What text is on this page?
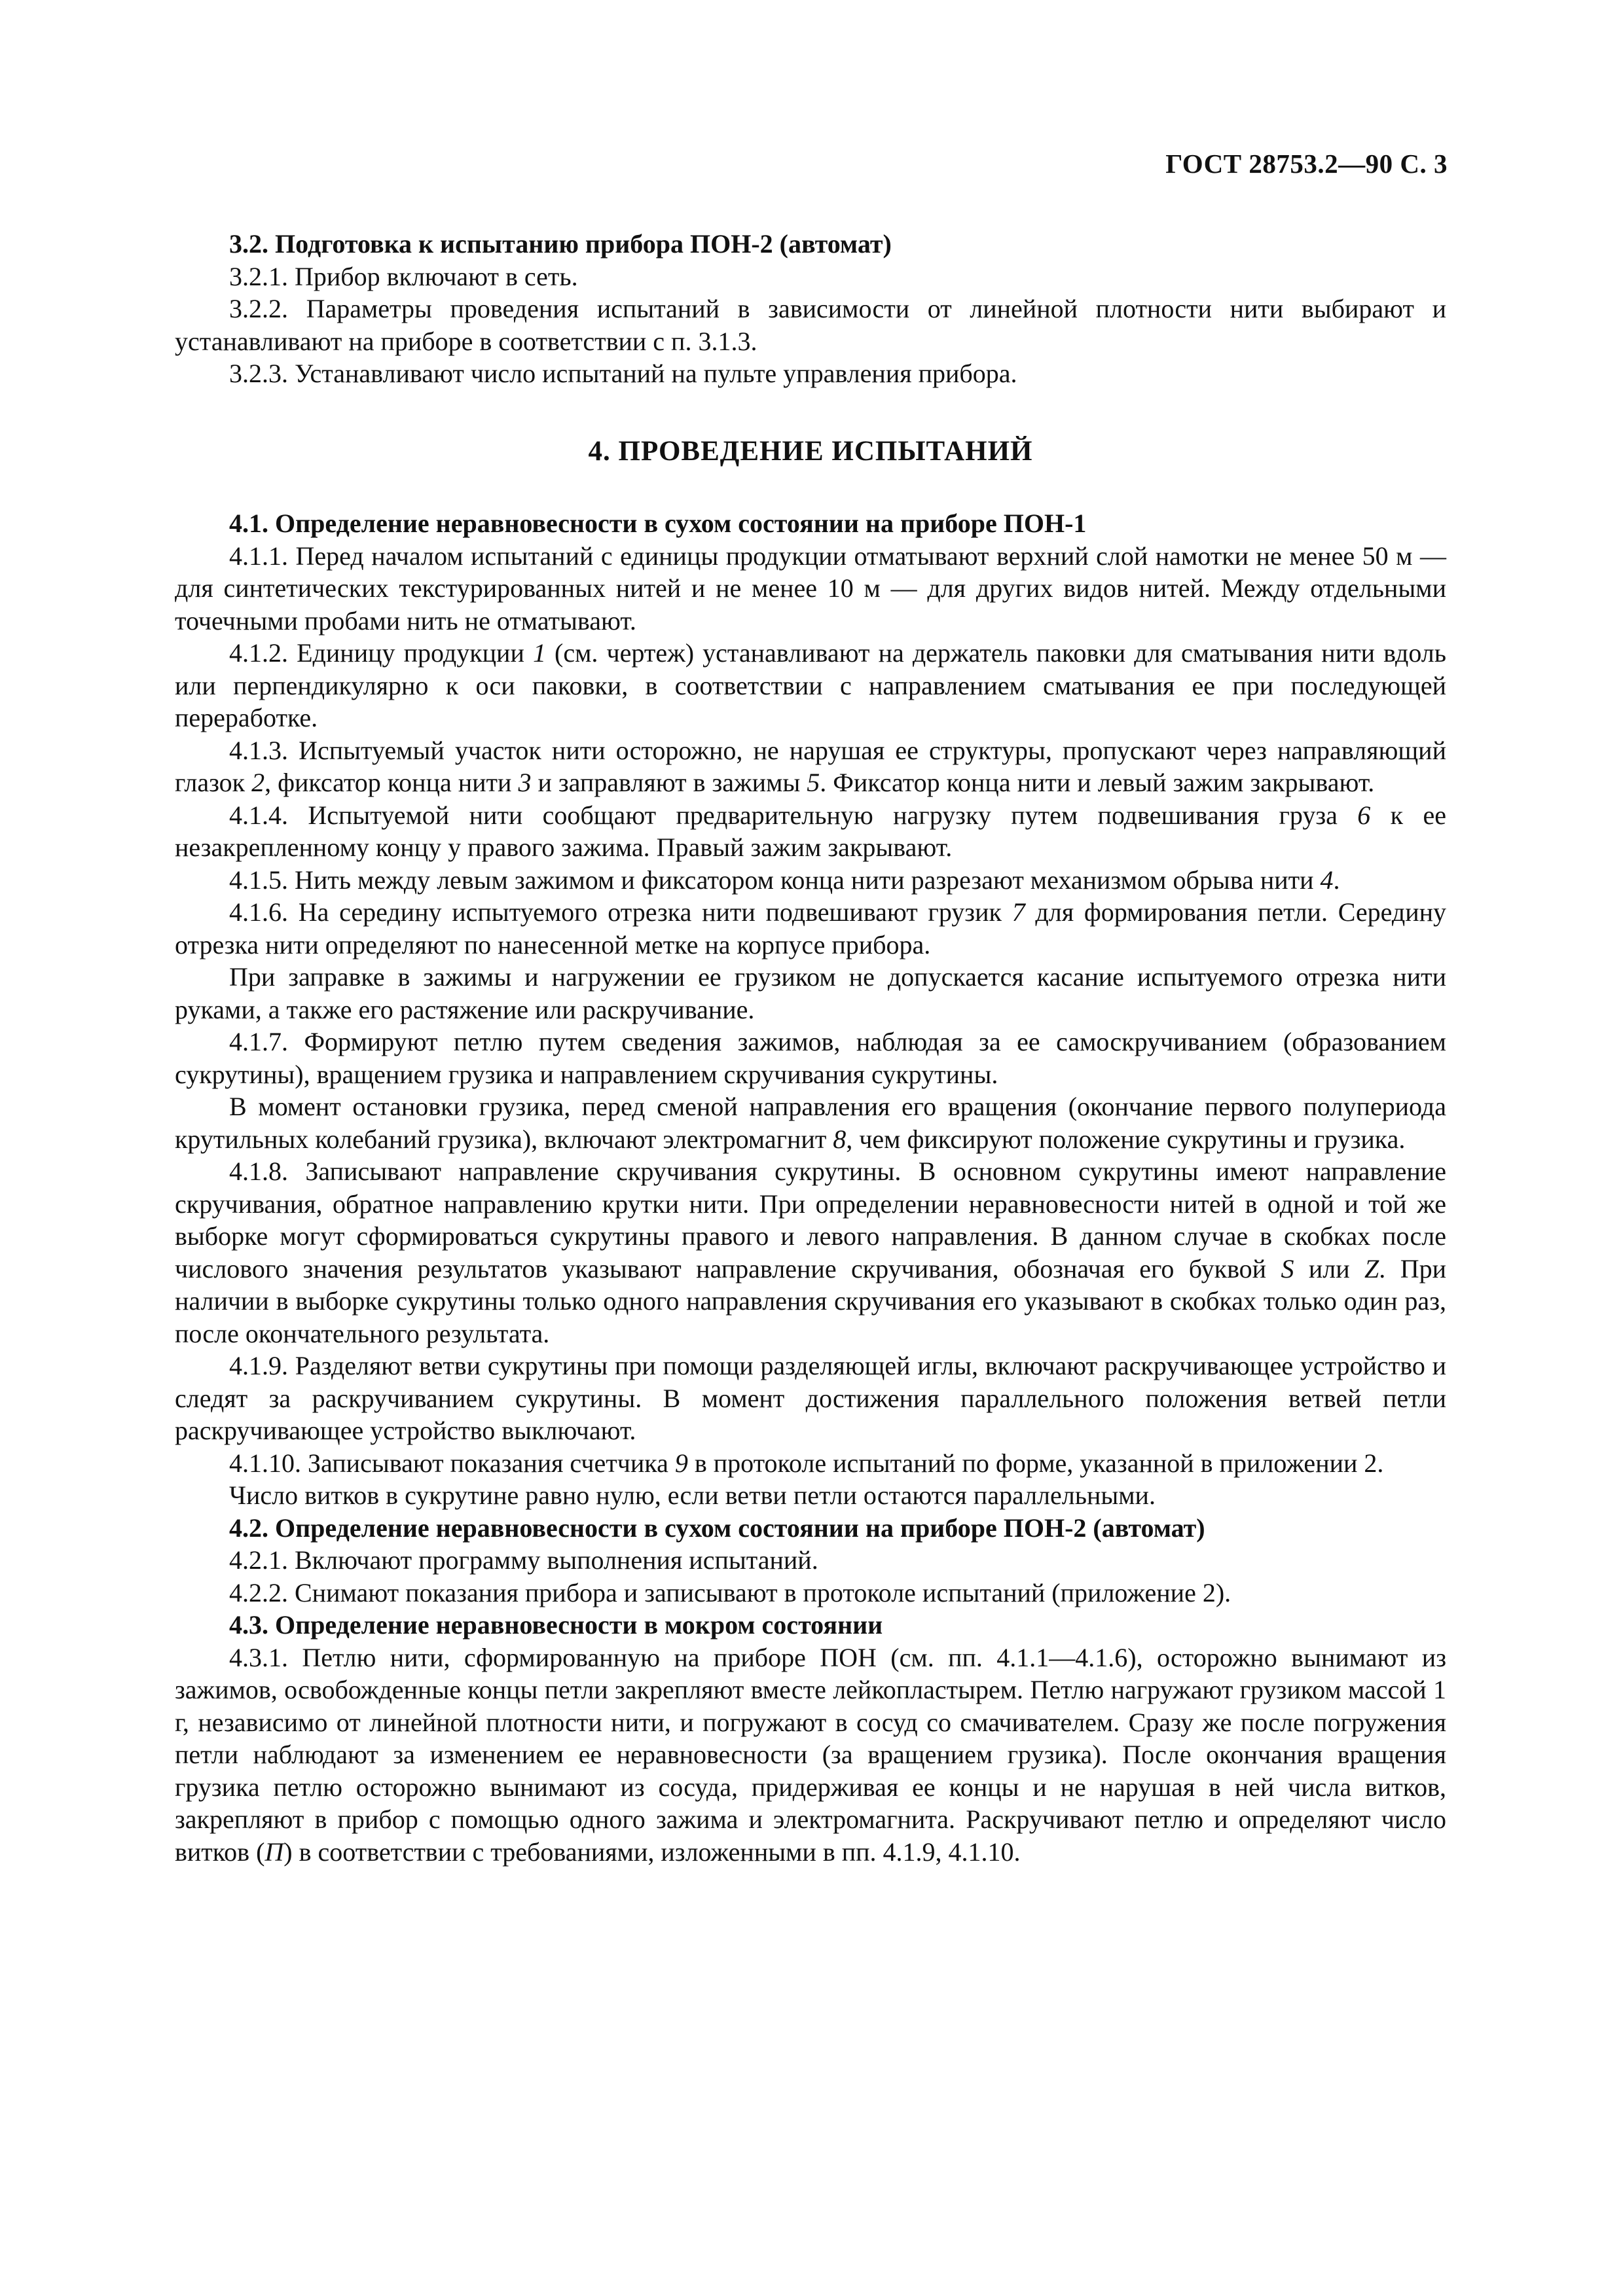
ГОСТ 28753.2—90 С. 3

3.2. Подготовка к испытанию прибора ПОН-2 (автомат)

3.2.1. Прибор включают в сеть.

3.2.2. Параметры проведения испытаний в зависимости от линейной плотности нити выбирают и устанавливают на приборе в соответствии с п. 3.1.3.

3.2.3. Устанавливают число испытаний на пульте управления прибора.

4. ПРОВЕДЕНИЕ ИСПЫТАНИЙ

4.1. Определение неравновесности в сухом состоянии на приборе ПОН-1

4.1.1. Перед началом испытаний с единицы продукции отматывают верхний слой намотки не менее 50 м — для синтетических текстурированных нитей и не менее 10 м — для других видов нитей. Между отдельными точечными пробами нить не отматывают.

4.1.2. Единицу продукции 1 (см. чертеж) устанавливают на держатель паковки для сматывания нити вдоль или перпендикулярно к оси паковки, в соответствии с направлением сматывания ее при последующей переработке.

4.1.3. Испытуемый участок нити осторожно, не нарушая ее структуры, пропускают через направляющий глазок 2, фиксатор конца нити 3 и заправляют в зажимы 5. Фиксатор конца нити и левый зажим закрывают.

4.1.4. Испытуемой нити сообщают предварительную нагрузку путем подвешивания груза 6 к ее незакрепленному концу у правого зажима. Правый зажим закрывают.

4.1.5. Нить между левым зажимом и фиксатором конца нити разрезают механизмом обрыва нити 4.

4.1.6. На середину испытуемого отрезка нити подвешивают грузик 7 для формирования петли. Середину отрезка нити определяют по нанесенной метке на корпусе прибора.

При заправке в зажимы и нагружении ее грузиком не допускается касание испытуемого отрезка нити руками, а также его растяжение или раскручивание.

4.1.7. Формируют петлю путем сведения зажимов, наблюдая за ее самоскручиванием (образованием сукрутины), вращением грузика и направлением скручивания сукрутины.

В момент остановки грузика, перед сменой направления его вращения (окончание первого полупериода крутильных колебаний грузика), включают электромагнит 8, чем фиксируют положение сукрутины и грузика.

4.1.8. Записывают направление скручивания сукрутины. В основном сукрутины имеют направление скручивания, обратное направлению крутки нити. При определении неравновесности нитей в одной и той же выборке могут сформироваться сукрутины правого и левого направления. В данном случае в скобках после числового значения результатов указывают направление скручивания, обозначая его буквой S или Z. При наличии в выборке сукрутины только одного направления скручивания его указывают в скобках только один раз, после окончательного результата.

4.1.9. Разделяют ветви сукрутины при помощи разделяющей иглы, включают раскручивающее устройство и следят за раскручиванием сукрутины. В момент достижения параллельного положения ветвей петли раскручивающее устройство выключают.

4.1.10. Записывают показания счетчика 9 в протоколе испытаний по форме, указанной в приложении 2.

Число витков в сукрутине равно нулю, если ветви петли остаются параллельными.

4.2. Определение неравновесности в сухом состоянии на приборе ПОН-2 (автомат)

4.2.1. Включают программу выполнения испытаний.

4.2.2. Снимают показания прибора и записывают в протоколе испытаний (приложение 2).

4.3. Определение неравновесности в мокром состоянии

4.3.1. Петлю нити, сформированную на приборе ПОН (см. пп. 4.1.1—4.1.6), осторожно вынимают из зажимов, освобожденные концы петли закрепляют вместе лейкопластырем. Петлю нагружают грузиком массой 1 г, независимо от линейной плотности нити, и погружают в сосуд со смачивателем. Сразу же после погружения петли наблюдают за изменением ее неравновесности (за вращением грузика). После окончания вращения грузика петлю осторожно вынимают из сосуда, придерживая ее концы и не нарушая в ней числа витков, закрепляют в прибор с помощью одного зажима и электромагнита. Раскручивают петлю и определяют число витков (П) в соответствии с требованиями, изложенными в пп. 4.1.9, 4.1.10.
